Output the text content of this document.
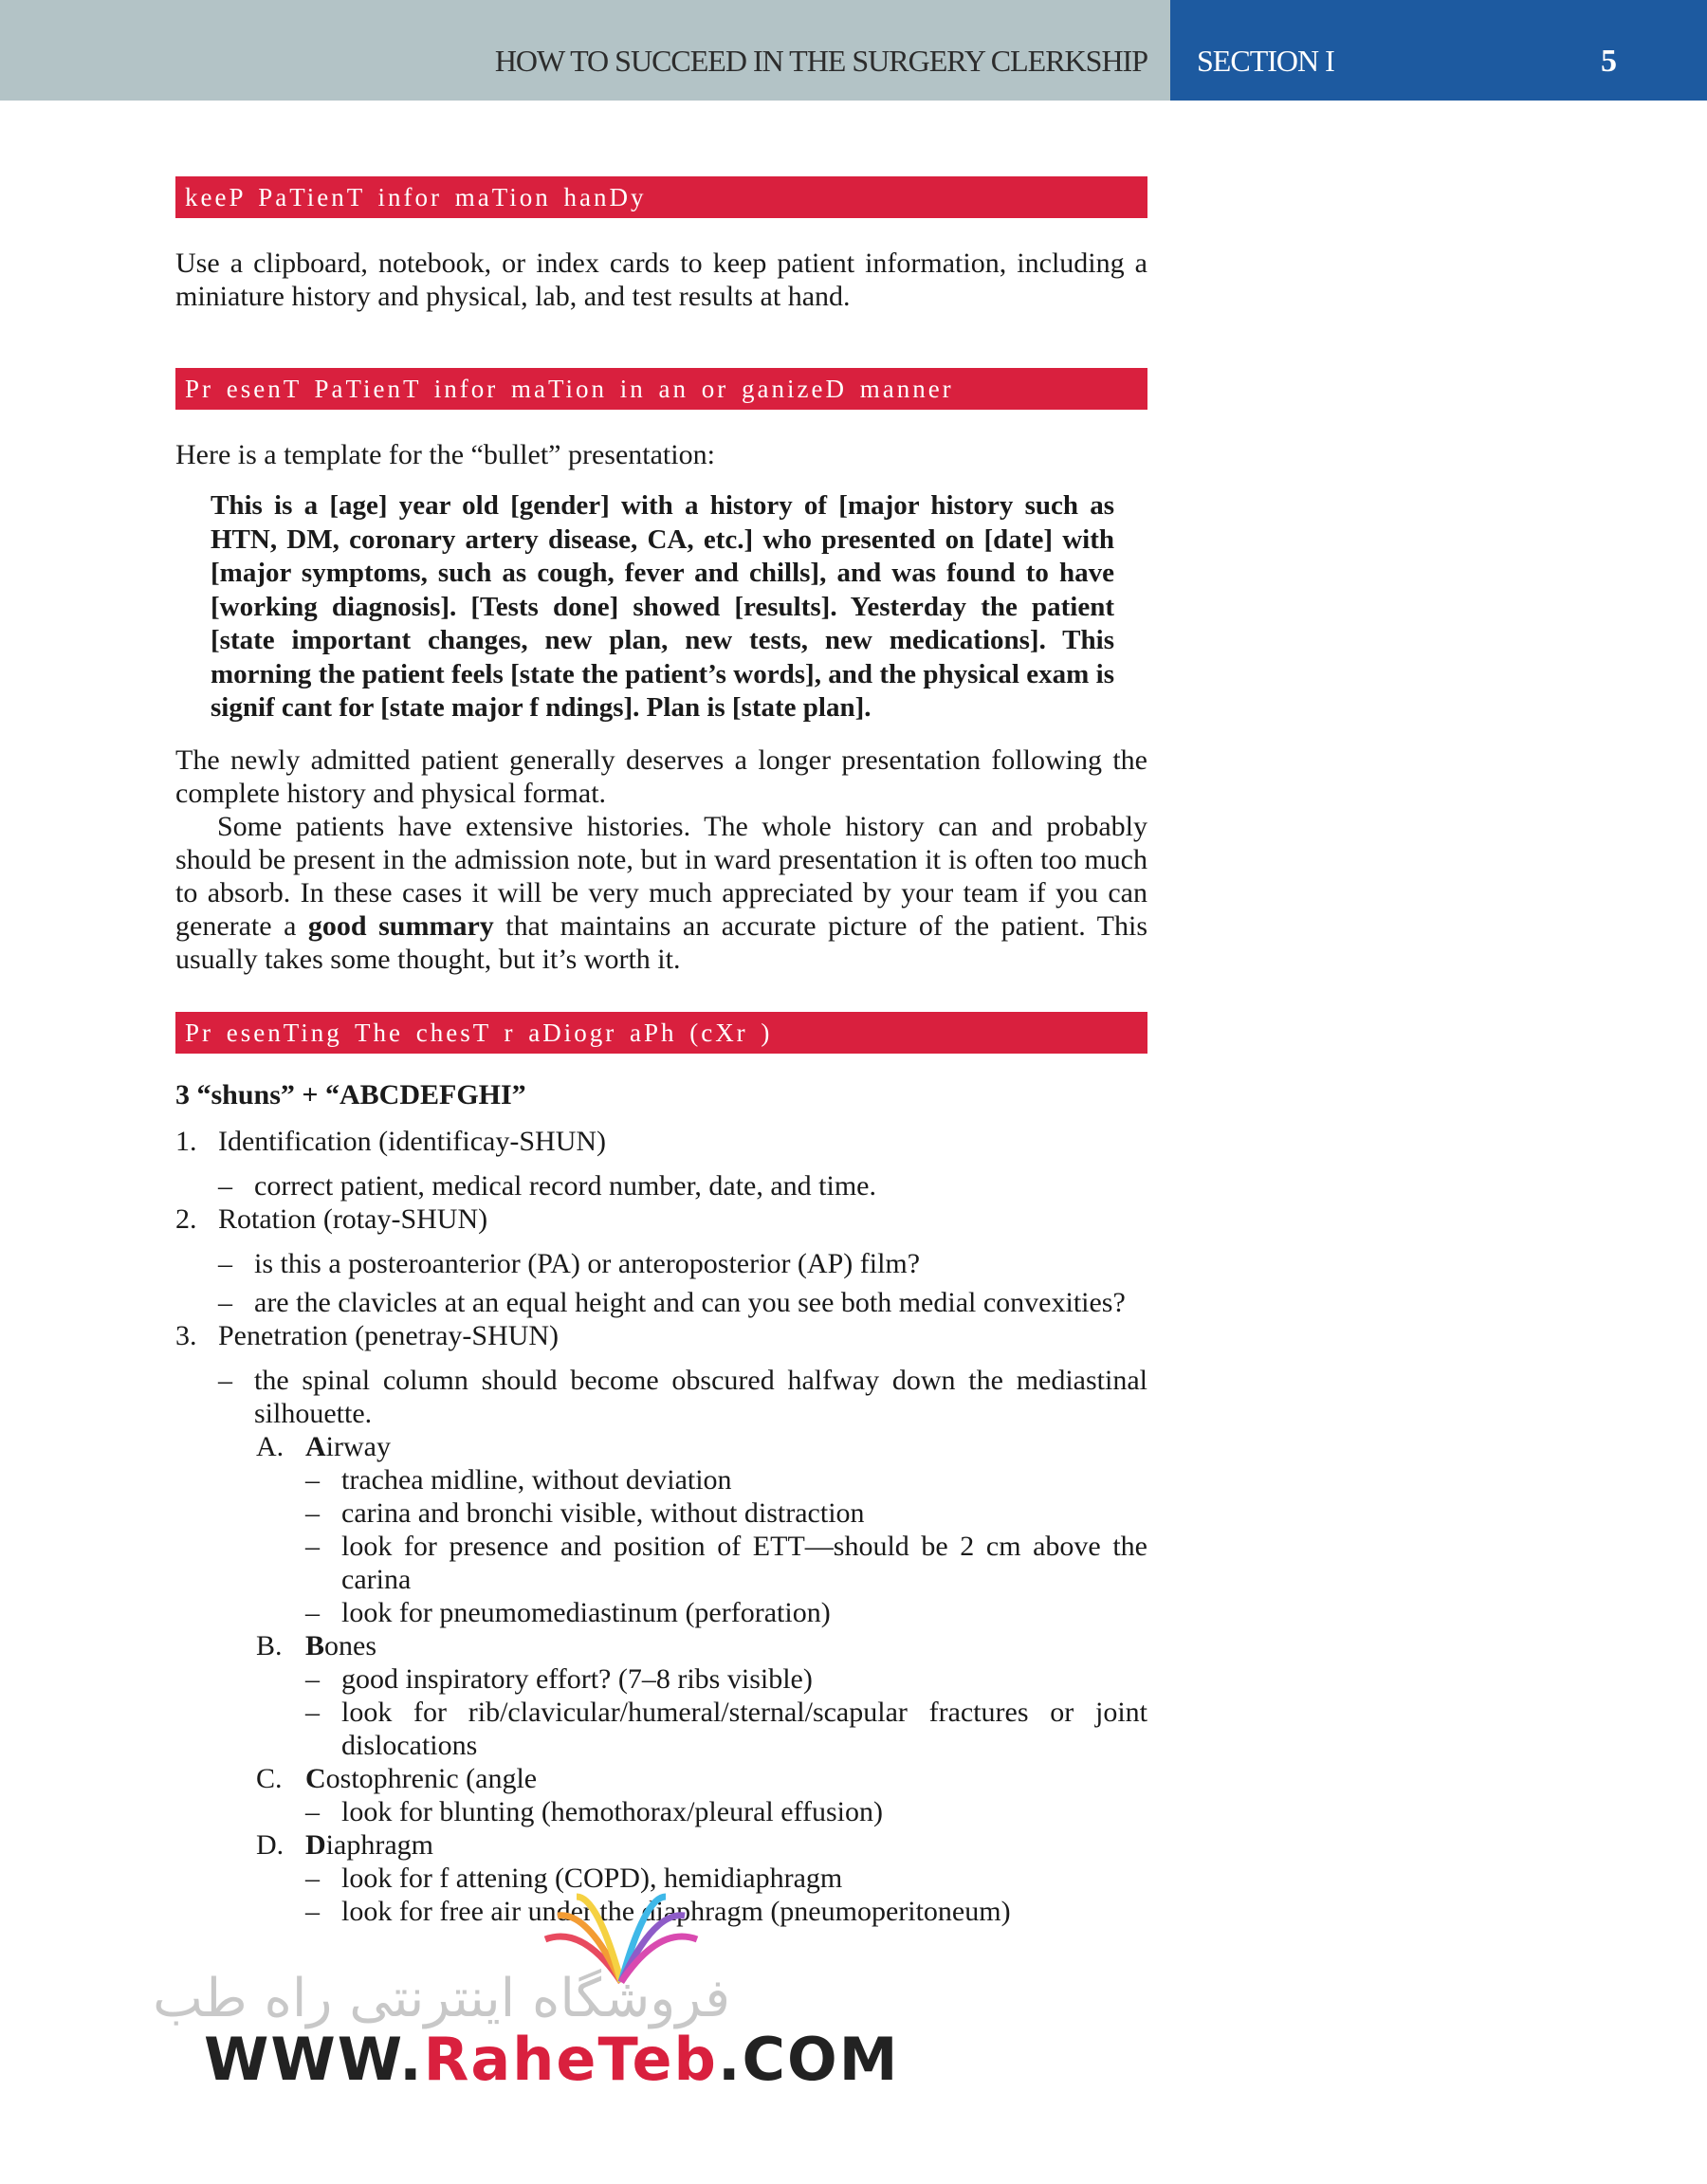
HOW TO SUCCEED IN THE SURGERY CLERKSHIP SECTION I	5
keeP PaTienT infor maTion hanDy

Use a clipboard, notebook, or index cards to keep patient information, including a miniature history and physical, lab, and test results at hand.

Pr esenT PaTienT infor maTion in an or ganizeD manner

Here is a template for the “bullet” presentation:

This is a [age] year old [gender] with a history of [major history such as HTN, DM, coronary artery disease, CA, etc.] who presented on [date] with [major symptoms, such as cough, fever and chills], and was found to have [working diagnosis]. [Tests done] showed [results]. Yesterday the patient [state important changes, new plan, new tests, new medications]. This morning the patient feels [state the patient’s words], and the physical exam is signif cant for [state major f ndings]. Plan is [state plan].

The newly admitted patient generally deserves a longer presentation following the complete history and physical format.

Some patients have extensive histories. The whole history can and probably should be present in the admission note, but in ward presentation it is often too much to absorb. In these cases it will be very much appreciated by your team if you can generate a good summary that maintains an accurate picture of the patient. This usually takes some thought, but it’s worth it.

Pr esenTing The chesT r aDiogr aPh (cXr )

3 “shuns” + “ABCDEFGHI”

1. Identification (identificay-SHUN)
– correct patient, medical record number, date, and time.
2. Rotation (rotay-SHUN)
– is this a posteroanterior (PA) or anteroposterior (AP) film?
– are the clavicles at an equal height and can you see both medial convexities?
3. Penetration (penetray-SHUN)
– the spinal column should become obscured halfway down the mediastinal silhouette.
A. Airway
– trachea midline, without deviation
– carina and bronchi visible, without distraction
– look for presence and position of ETT—should be 2 cm above the carina
– look for pneumomediastinum (perforation)
B. Bones
– good inspiratory effort? (7–8 ribs visible)
– look for rib/clavicular/humeral/sternal/scapular fractures or joint dislocations
C. Costophrenic (angle
– look for blunting (hemothorax/pleural effusion)
D. Diaphragm
– look for f attening (COPD), hemidiaphragm
– look for free air under the diaphragm (pneumoperitoneum)
فروشگاه اینترنتی راه طب
WWW.RaheTeb.COM
